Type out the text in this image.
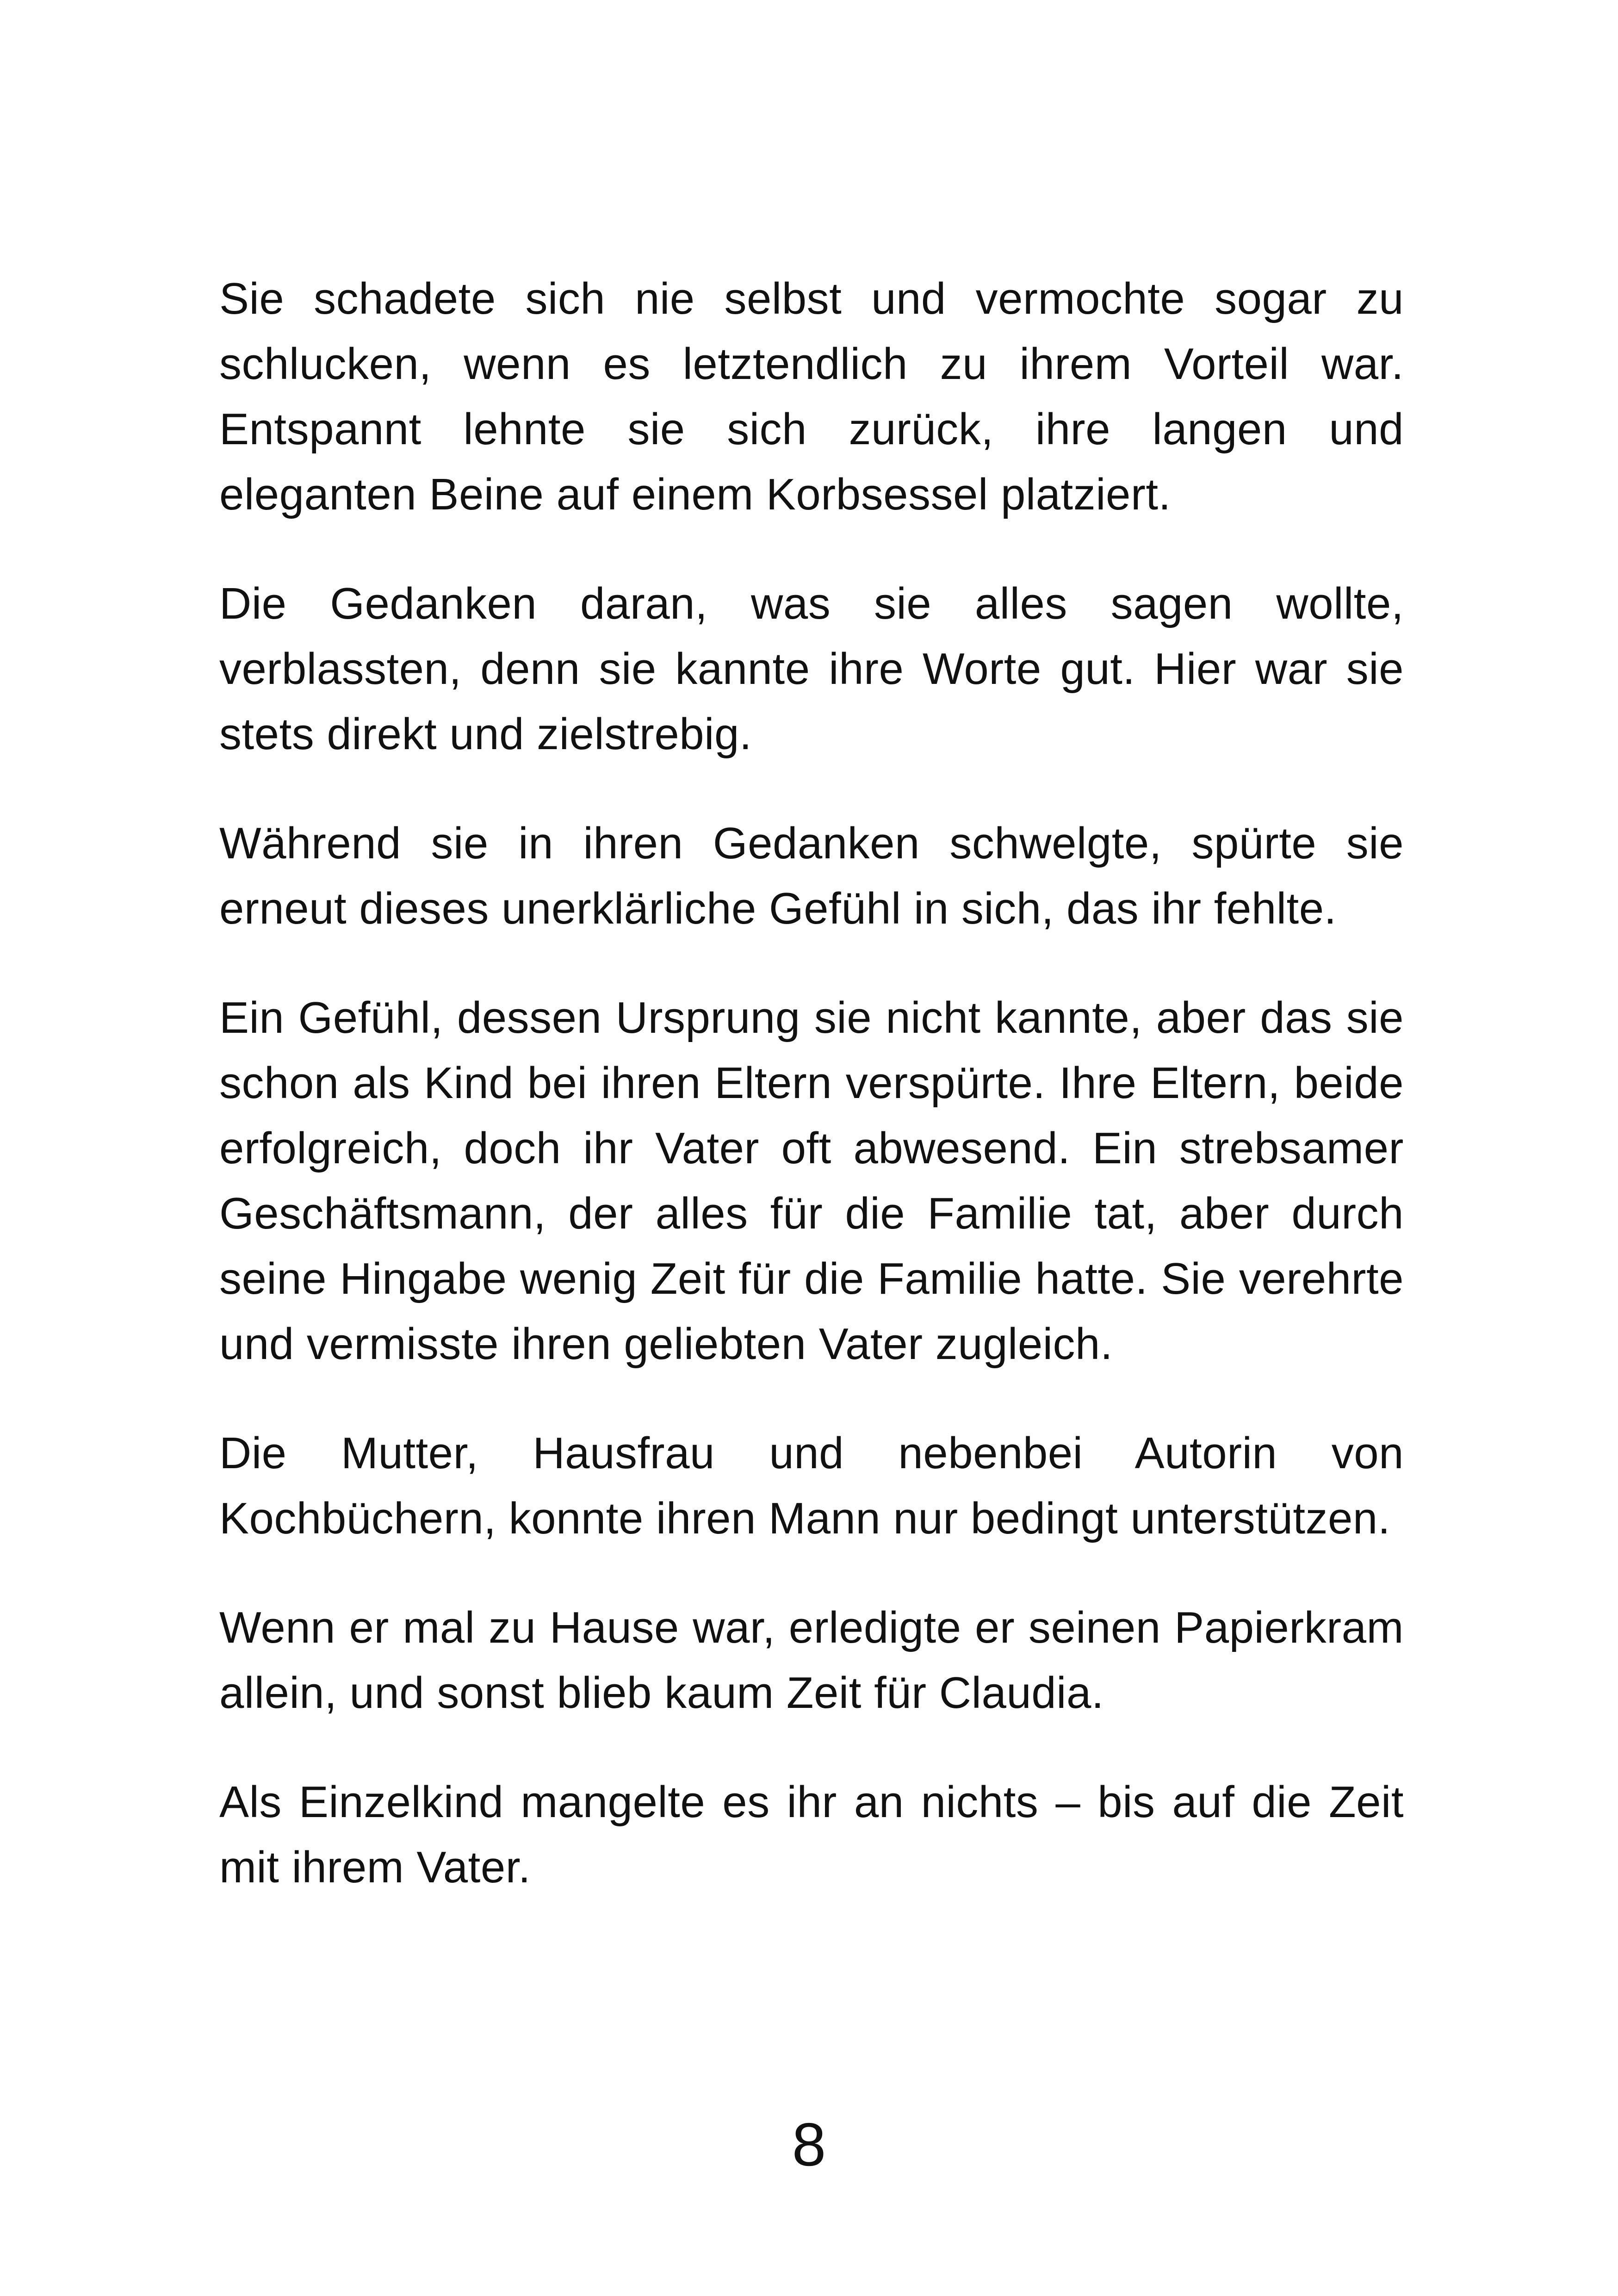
Sie schadete sich nie selbst und vermochte sogar zu schlucken, wenn es letztendlich zu ihrem Vorteil war. Entspannt lehnte sie sich zurück, ihre langen und eleganten Beine auf einem Korbsessel platziert.

Die Gedanken daran, was sie alles sagen wollte, verblassten, denn sie kannte ihre Worte gut. Hier war sie stets direkt und zielstrebig.

Während sie in ihren Gedanken schwelgte, spürte sie erneut dieses unerklärliche Gefühl in sich, das ihr fehlte.

Ein Gefühl, dessen Ursprung sie nicht kannte, aber das sie schon als Kind bei ihren Eltern verspürte. Ihre Eltern, beide erfolgreich, doch ihr Vater oft abwesend. Ein strebsamer Geschäftsmann, der alles für die Familie tat, aber durch seine Hingabe wenig Zeit für die Familie hatte. Sie verehrte und vermisste ihren geliebten Vater zugleich.

Die Mutter, Hausfrau und nebenbei Autorin von Kochbüchern, konnte ihren Mann nur bedingt unterstützen.

Wenn er mal zu Hause war, erledigte er seinen Papierkram allein, und sonst blieb kaum Zeit für Claudia.

Als Einzelkind mangelte es ihr an nichts – bis auf die Zeit mit ihrem Vater.

8
